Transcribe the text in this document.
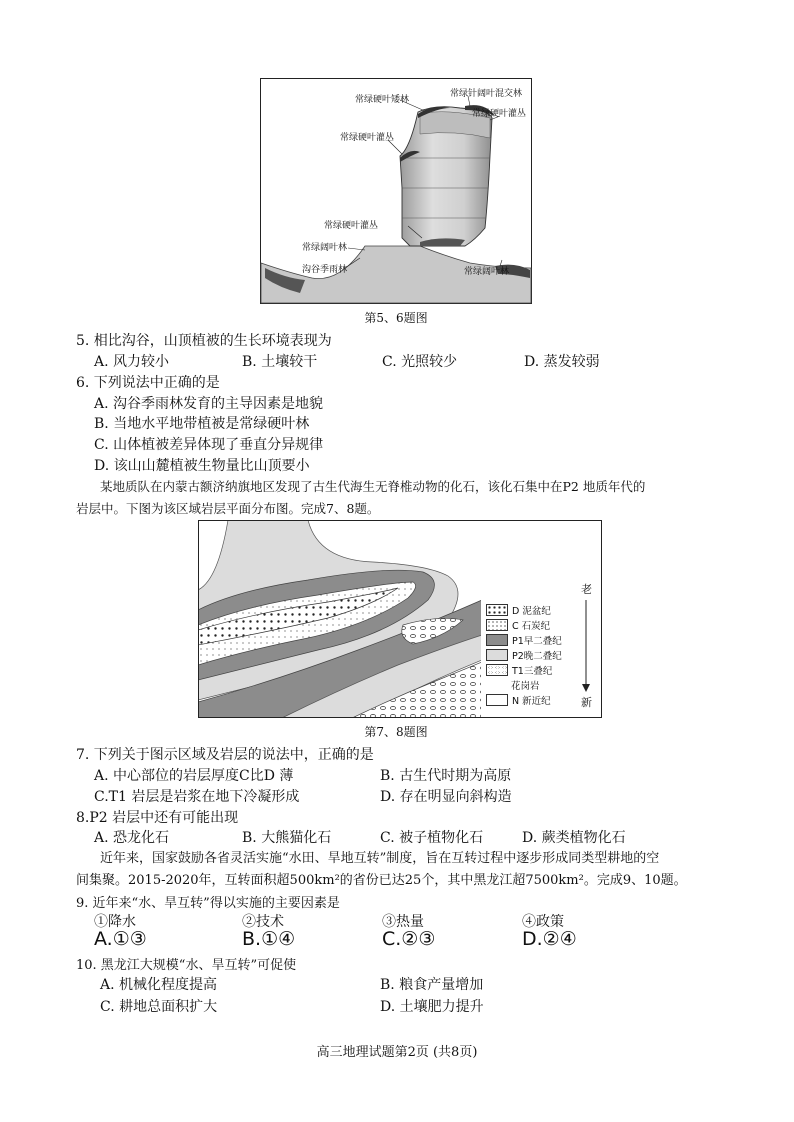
常绿硬叶矮林
常绿针阔叶混交林
常绿硬叶灌丛
常绿硬叶灌丛
常绿硬叶灌丛
常绿阔叶林
沟谷季雨林	常绿阔叶林
第5、6题图
5. 相比沟谷，山顶植被的生长环境表现为
A. 风力较小	B. 土壤较干	C. 光照较少	D. 蒸发较弱
6. 下列说法中正确的是
A. 沟谷季雨林发育的主导因素是地貌
B. 当地水平地带植被是常绿硬叶林
C. 山体植被差异体现了垂直分异规律
D. 该山山麓植被生物量比山顶要小
某地质队在内蒙古额济纳旗地区发现了古生代海生无脊椎动物的化石，该化石集中在P2 地质年代的
岩层中。下图为该区域岩层平面分布图。完成7、8题。
老
新
D 泥盆纪
C 石炭纪
P1早二叠纪
P2晚二叠纪
T1三叠纪
花岗岩
N 新近纪
第7、8题图
7. 下列关于图示区域及岩层的说法中，正确的是
A. 中心部位的岩层厚度C比D 薄	B. 古生代时期为高原
C.T1 岩层是岩浆在地下冷凝形成	D. 存在明显向斜构造
8.P2 岩层中还有可能出现
A. 恐龙化石	B. 大熊猫化石	C. 被子植物化石	D. 蕨类植物化石
近年来，国家鼓励各省灵活实施“水田、旱地互转”制度，旨在互转过程中逐步形成同类型耕地的空
间集聚。2015-2020年，互转面积超500km²的省份已达25个，其中黑龙江超7500km²。完成9、10题。
9. 近年来“水、旱互转”得以实施的主要因素是
①降水	②技术	③热量	④政策
A.①③	B.①④	C.②③	D.②④
10. 黑龙江大规模“水、旱互转”可促使
A. 机械化程度提高	B. 粮食产量增加
C. 耕地总面积扩大	D. 土壤肥力提升
高三地理试题第2页 (共8页)
